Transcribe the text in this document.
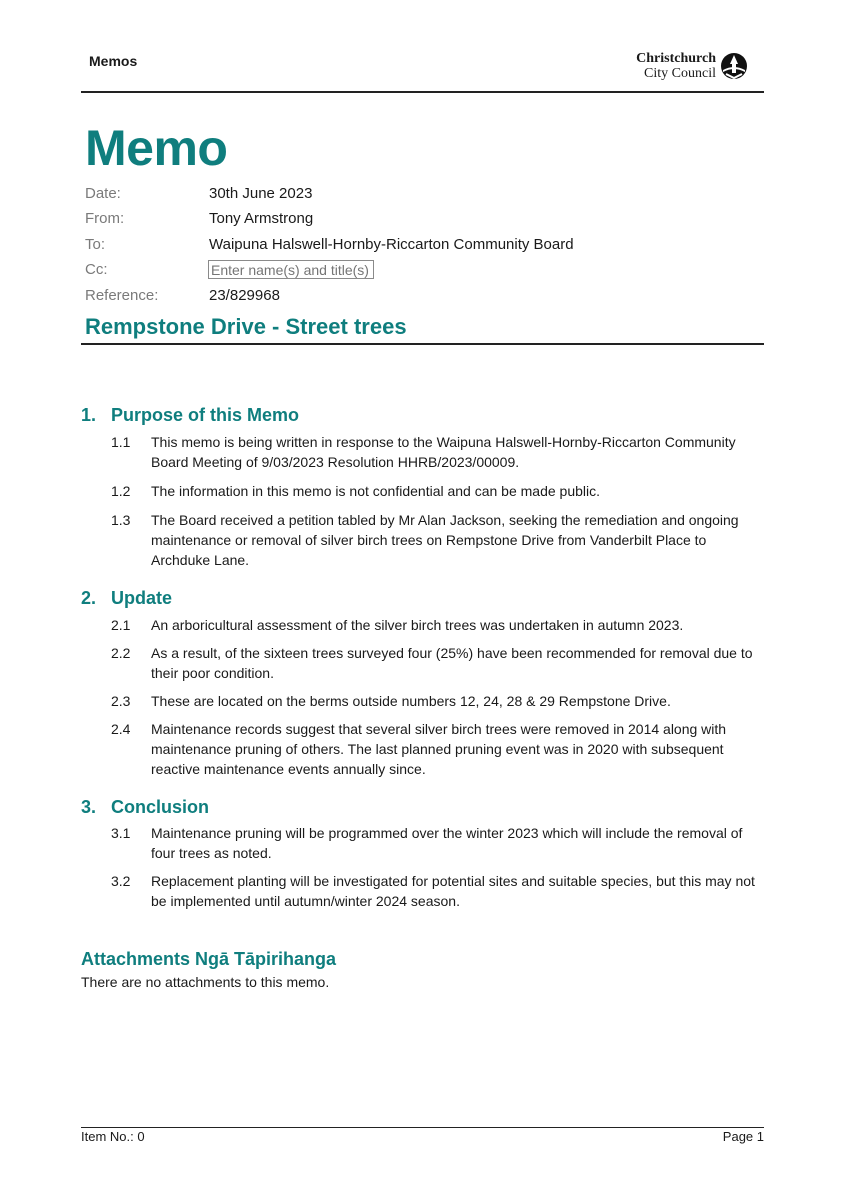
Memos	Christchurch
City Council
Memo
Date:	30th June 2023
From:	Tony Armstrong
To:	Waipuna Halswell-Hornby-Riccarton Community Board
Cc:
Enter name(s) and title(s)
Reference:	23/829968
Rempstone Drive - Street trees
1. Purpose of this Memo
1.1 This memo is being written in response to the Waipuna Halswell-Hornby-Riccarton Community Board Meeting of 9/03/2023 Resolution HHRB/2023/00009.
1.2 The information in this memo is not confidential and can be made public.
1.3 The Board received a petition tabled by Mr Alan Jackson, seeking the remediation and ongoing maintenance or removal of silver birch trees on Rempstone Drive from Vanderbilt Place to Archduke Lane.
2. Update
2.1 An arboricultural assessment of the silver birch trees was undertaken in autumn 2023.
2.2 As a result, of the sixteen trees surveyed four (25%) have been recommended for removal due to their poor condition.
2.3 These are located on the berms outside numbers 12, 24, 28 & 29 Rempstone Drive.
2.4 Maintenance records suggest that several silver birch trees were removed in 2014 along with maintenance pruning of others. The last planned pruning event was in 2020 with subsequent reactive maintenance events annually since.
3. Conclusion
3.1 Maintenance pruning will be programmed over the winter 2023 which will include the removal of four trees as noted.
3.2 Replacement planting will be investigated for potential sites and suitable species, but this may not be implemented until autumn/winter 2024 season.
Attachments Ngā Tāpirihanga
There are no attachments to this memo.
Item No.: 0	Page 1
